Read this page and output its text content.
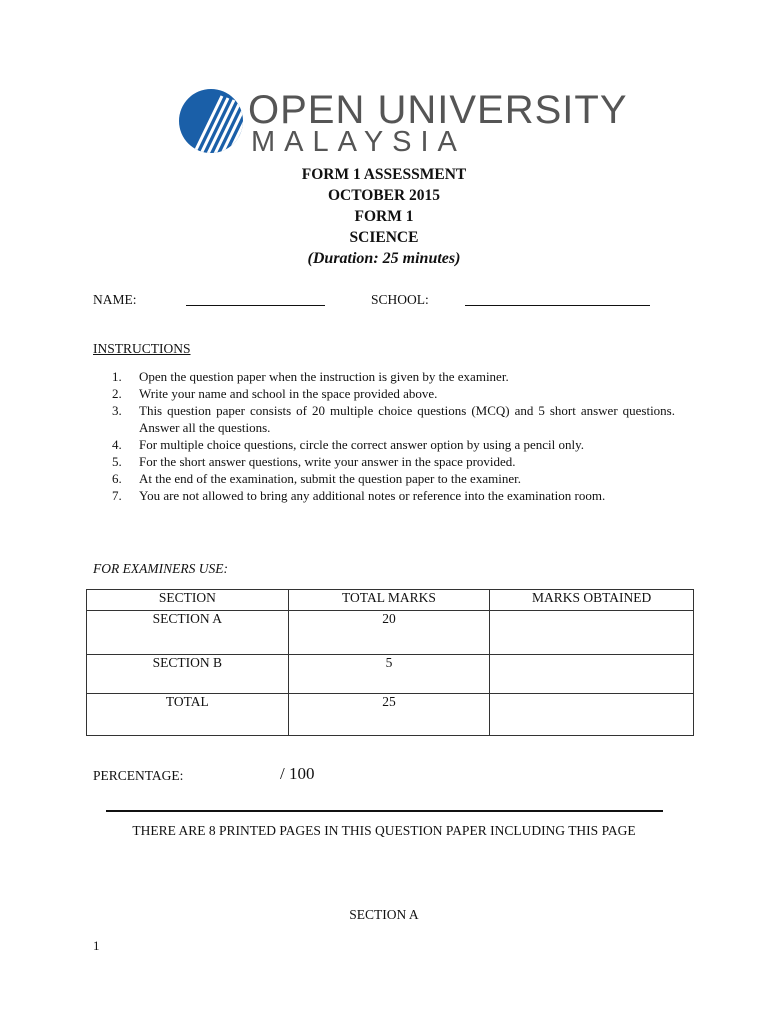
OPEN UNIVERSITY
MALAYSIA
FORM 1 ASSESSMENT
OCTOBER 2015
FORM 1
SCIENCE
(Duration: 25 minutes)
NAME:	SCHOOL:
INSTRUCTIONS
1.	Open the question paper when the instruction is given by the examiner.
2.	Write your name and school in the space provided above.
3.	This question paper consists of 20 multiple choice questions (MCQ) and 5 short answer questions. Answer all the questions.
4.	For multiple choice questions, circle the correct answer option by using a pencil only.
5.	For the short answer questions, write your answer in the space provided.
6.	At the end of the examination, submit the question paper to the examiner.
7.	You are not allowed to bring any additional notes or reference into the examination room.
FOR EXAMINERS USE:
SECTION	TOTAL MARKS	MARKS OBTAINED
SECTION A	20	
SECTION B	5	
TOTAL	25	
PERCENTAGE:	/ 100
THERE ARE 8 PRINTED PAGES IN THIS QUESTION PAPER INCLUDING THIS PAGE
SECTION A
1
